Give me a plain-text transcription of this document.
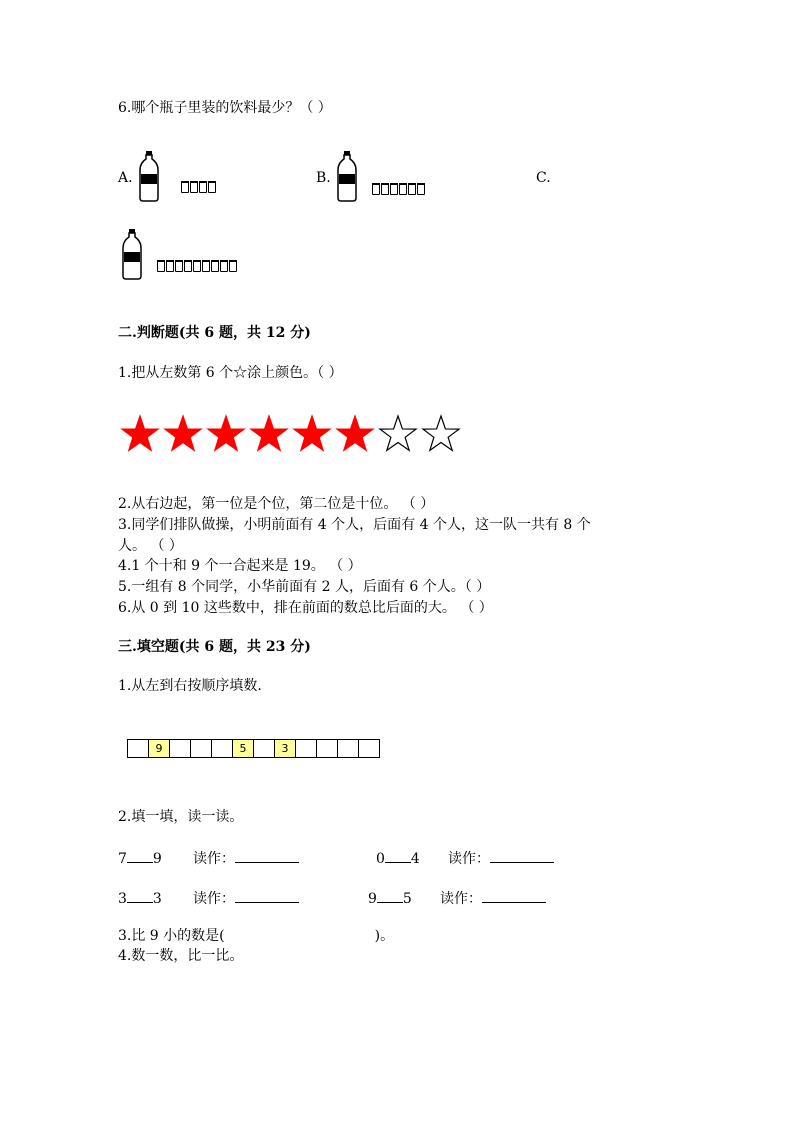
6.哪个瓶子里装的饮料最少？（ ）
A.	B.	C.
二.判断题(共 6 题，共 12 分)
1.把从左数第 6 个☆涂上颜色。（ ）
2.从右边起，第一位是个位，第二位是十位。 （ ）
3.同学们排队做操，小明前面有 4 个人，后面有 4 个人，这一队一共有 8 个
人。 （ ）
4.1 个十和 9 个一合起来是 19。 （ ）
5.一组有 8 个同学，小华前面有 2 人，后面有 6 个人。（ ）
6.从 0 到 10 这些数中，排在前面的数总比后面的大。 （ ）
三.填空题(共 6 题，共 23 分)
1.从左到右按顺序填数.
9	5	3
2.填一填，读一读。
7 9 读作：	0 4 读作：
3 3 读作：	9 5 读作：
3.比 9 小的数是(	)。
4.数一数，比一比。
